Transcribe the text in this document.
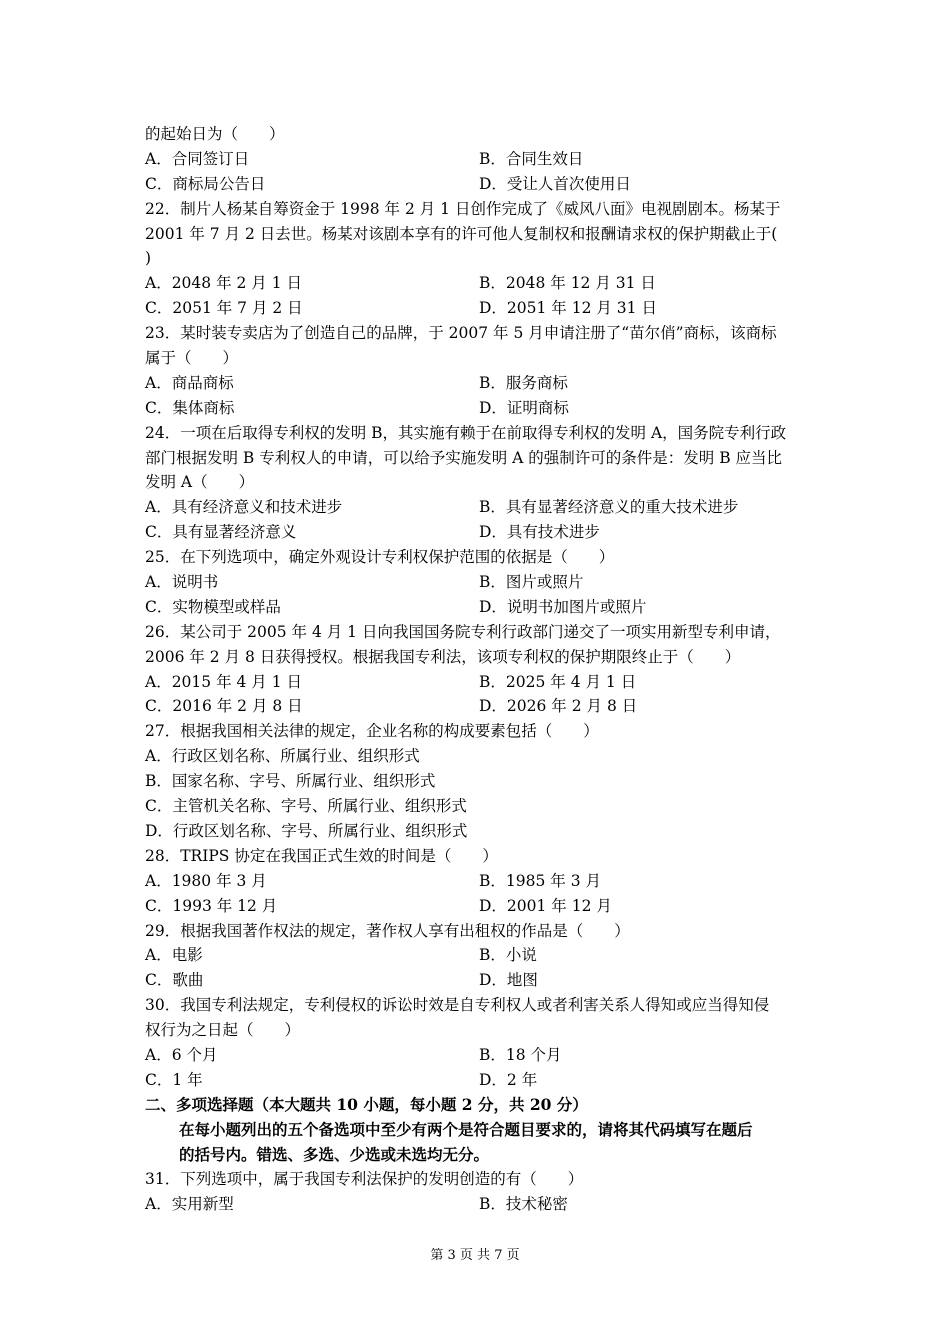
的起始日为（　　）
A．合同签订日	B．合同生效日
C．商标局公告日	D．受让人首次使用日
22．制片人杨某自筹资金于 1998 年 2 月 1 日创作完成了《威风八面》电视剧剧本。杨某于
2001 年 7 月 2 日去世。杨某对该剧本享有的许可他人复制权和报酬请求权的保护期截止于(
)
A．2048 年 2 月 1 日	B．2048 年 12 月 31 日
C．2051 年 7 月 2 日	D．2051 年 12 月 31 日
23．某时装专卖店为了创造自己的品牌，于 2007 年 5 月申请注册了“苗尔俏”商标，该商标
属于（　　）
A．商品商标	B．服务商标
C．集体商标	D．证明商标
24．一项在后取得专利权的发明 B，其实施有赖于在前取得专利权的发明 A，国务院专利行政
部门根据发明 B 专利权人的申请，可以给予实施发明 A 的强制许可的条件是：发明 B 应当比
发明 A（　　）
A．具有经济意义和技术进步	B．具有显著经济意义的重大技术进步
C．具有显著经济意义	D．具有技术进步
25．在下列选项中，确定外观设计专利权保护范围的依据是（　　）
A．说明书	B．图片或照片
C．实物模型或样品	D．说明书加图片或照片
26．某公司于 2005 年 4 月 1 日向我国国务院专利行政部门递交了一项实用新型专利申请，
2006 年 2 月 8 日获得授权。根据我国专利法，该项专利权的保护期限终止于（　　）
A．2015 年 4 月 1 日	B．2025 年 4 月 1 日
C．2016 年 2 月 8 日	D．2026 年 2 月 8 日
27．根据我国相关法律的规定，企业名称的构成要素包括（　　）
A．行政区划名称、所属行业、组织形式
B．国家名称、字号、所属行业、组织形式
C．主管机关名称、字号、所属行业、组织形式
D．行政区划名称、字号、所属行业、组织形式
28．TRIPS 协定在我国正式生效的时间是（　　）
A．1980 年 3 月	B．1985 年 3 月
C．1993 年 12 月	D．2001 年 12 月
29．根据我国著作权法的规定，著作权人享有出租权的作品是（　　）
A．电影	B．小说
C．歌曲	D．地图
30．我国专利法规定，专利侵权的诉讼时效是自专利权人或者利害关系人得知或应当得知侵
权行为之日起（　　）
A．6 个月	B．18 个月
C．1 年	D．2 年
二、多项选择题（本大题共 10 小题，每小题 2 分，共 20 分）
在每小题列出的五个备选项中至少有两个是符合题目要求的，请将其代码填写在题后
的括号内。错选、多选、少选或未选均无分。
31．下列选项中，属于我国专利法保护的发明创造的有（　　）
A．实用新型	B．技术秘密
第 3 页 共 7 页
